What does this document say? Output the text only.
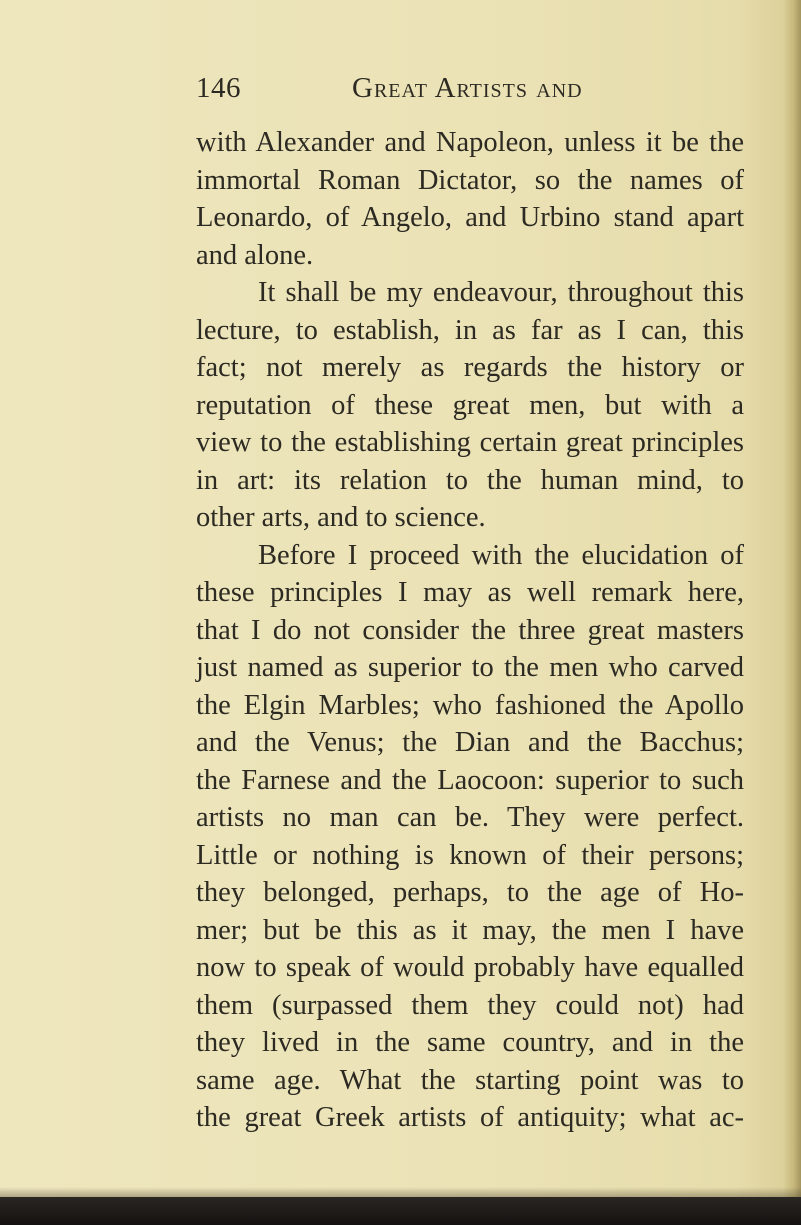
146	Great Artists and
with Alexander and Napoleon, unless it be the
immortal Roman Dictator, so the names of
Leonardo, of Angelo, and Urbino stand apart
and alone.
It shall be my endeavour, throughout this
lecture, to establish, in as far as I can, this
fact; not merely as regards the history or
reputation of these great men, but with a
view to the establishing certain great principles
in art: its relation to the human mind, to
other arts, and to science.
Before I proceed with the elucidation of
these principles I may as well remark here,
that I do not consider the three great masters
just named as superior to the men who carved
the Elgin Marbles; who fashioned the Apollo
and the Venus; the Dian and the Bacchus;
the Farnese and the Laocoon: superior to such
artists no man can be. They were perfect.
Little or nothing is known of their persons;
they belonged, perhaps, to the age of Ho-
mer; but be this as it may, the men I have
now to speak of would probably have equalled
them (surpassed them they could not) had
they lived in the same country, and in the
same age. What the starting point was to
the great Greek artists of antiquity; what ac-
